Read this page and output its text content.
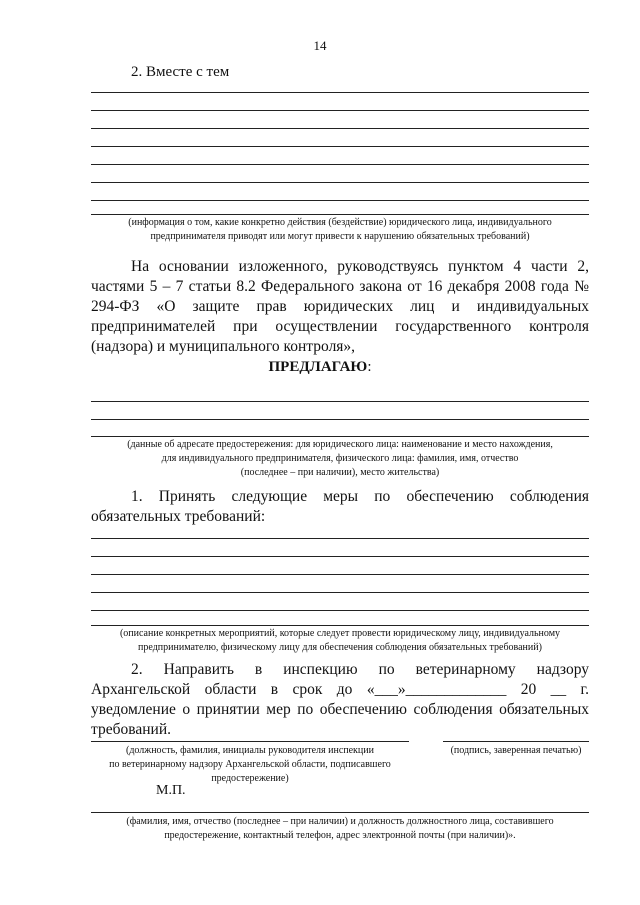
14
2. Вместе с тем
(информация о том, какие конкретно действия (бездействие) юридического лица, индивидуального
предпринимателя приводят или могут привести к нарушению обязательных требований)
На основании изложенного, руководствуясь пунктом 4 части 2, частями 5 – 7 статьи 8.2 Федерального закона от 16 декабря 2008 года № 294-ФЗ «О защите прав юридических лиц и индивидуальных предпринимателей при осуществлении государственного контроля (надзора) и муниципального контроля»,
ПРЕДЛАГАЮ:
(данные об адресате предостережения: для юридического лица: наименование и место нахождения,
для индивидуального предпринимателя, физического лица: фамилия, имя, отчество
(последнее – при наличии), место жительства)
1. Принять следующие меры по обеспечению соблюдения обязательных требований:
(описание конкретных мероприятий, которые следует провести юридическому лицу, индивидуальному
предпринимателю, физическому лицу для обеспечения соблюдения обязательных требований)
2. Направить в инспекцию по ветеринарному надзору Архангельской области в срок до «___»_____________ 20 __ г. уведомление о принятии мер по обеспечению соблюдения обязательных требований.
(должность, фамилия, инициалы руководителя инспекции
по ветеринарному надзору Архангельской области, подписавшего
предостережение)
(подпись, заверенная печатью)
М.П.
(фамилия, имя, отчество (последнее – при наличии) и должность должностного лица, составившего
предостережение, контактный телефон, адрес электронной почты (при наличии)».
